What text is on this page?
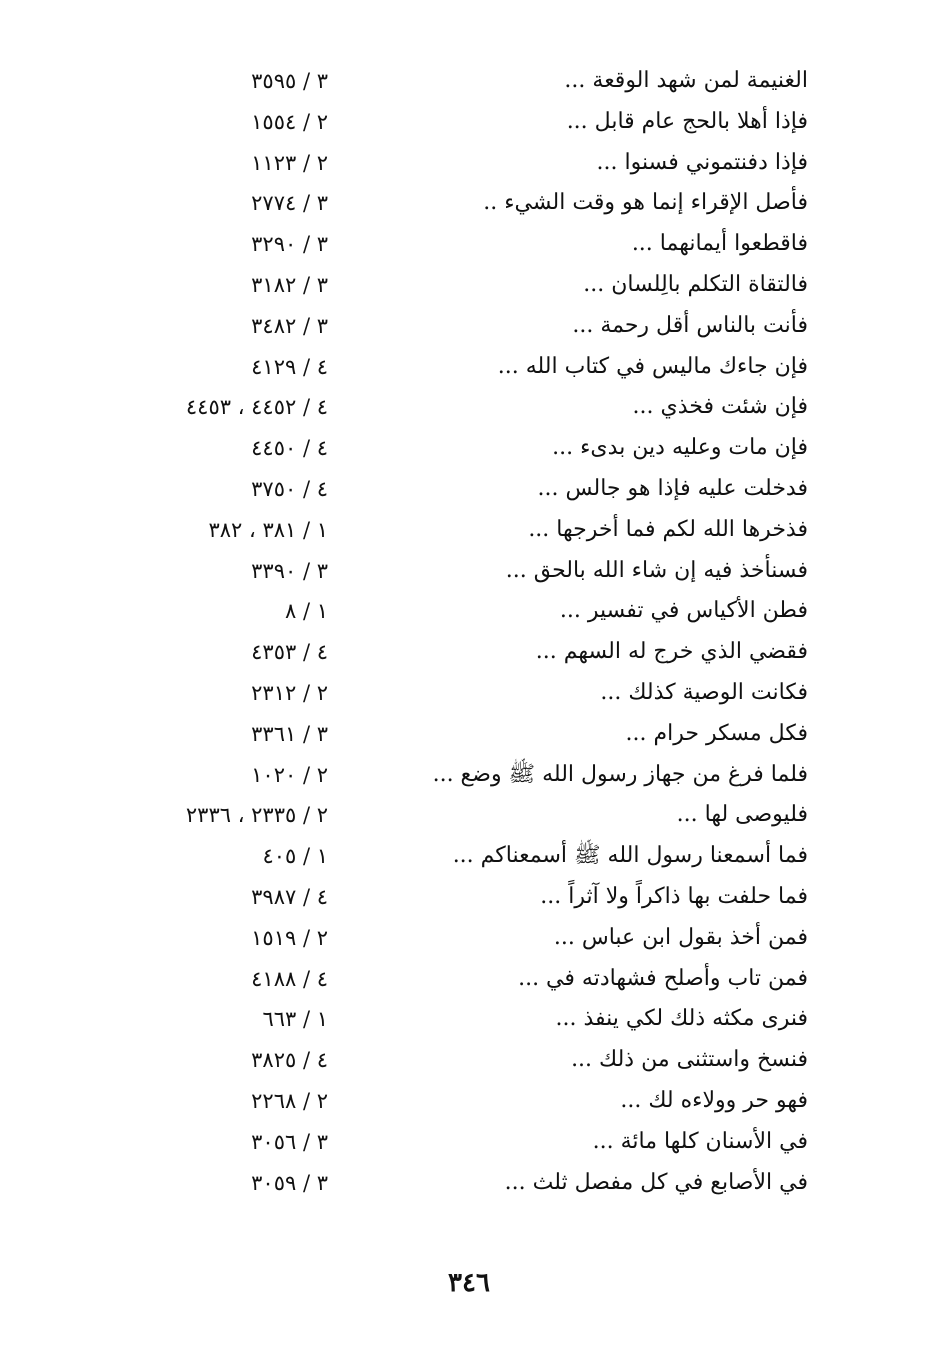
الغنيمة لمن شهد الوقعة ...
٣ / ٣٥٩٥
فإذا أهلا بالحج عام قابل ...
٢ / ١٥٥٤
فإذا دفنتموني فسنوا ...
٢ / ١١٢٣
فأصل الإقراء إنما هو وقت الشيء ..
٣ / ٢٧٧٤
فاقطعوا أيمانهما ...
٣ / ٣٢٩٠
فالتقاة التكلم بالِلسان ...
٣ / ٣١٨٢
فأنت بالناس أقل رحمة ...
٣ / ٣٤٨٢
فإن جاءك ماليس في كتاب الله ...
٤ / ٤١٢٩
فإن شئت فخذي ...
٤ / ٤٤٥٢ ، ٤٤٥٣
فإن مات وعليه دين بدىء ...
٤ / ٤٤٥٠
فدخلت عليه فإذا هو جالس ...
٤ / ٣٧٥٠
فذخرها الله لكم فما أخرجها ...
١ / ٣٨١ ، ٣٨٢
فسنأخذ فيه إن شاء الله بالحق ...
٣ / ٣٣٩٠
فطن الأكياس في تفسير ...
١ / ٨
فقضي الذي خرج له السهم ...
٤ / ٤٣٥٣
فكانت الوصية كذلك ...
٢ / ٢٣١٢
فكل مسكر حرام ...
٣ / ٣٣٦١
فلما فرغ من جهاز رسول الله ﷺ وضع ...
٢ / ١٠٢٠
فليوصى لها ...
٢ / ٢٣٣٥ ، ٢٣٣٦
فما أسمعنا رسول الله ﷺ أسمعناكم ...
١ / ٤٠٥
فما حلفت بها ذاكراً ولا آثراً ...
٤ / ٣٩٨٧
فمن أخذ بقول ابن عباس ...
٢ / ١٥١٩
فمن تاب وأصلح فشهادته في ...
٤ / ٤١٨٨
فنرى مكثه ذلك لكي ينفذ ...
١ / ٦٦٣
فنسخ واستثنى من ذلك ...
٤ / ٣٨٢٥
فهو حر وولاءه لك ...
٢ / ٢٢٦٨
في الأسنان كلها مائة ...
٣ / ٣٠٥٦
في الأصابع في كل مفصل ثلث ...
٣ / ٣٠٥٩
٣٤٦
